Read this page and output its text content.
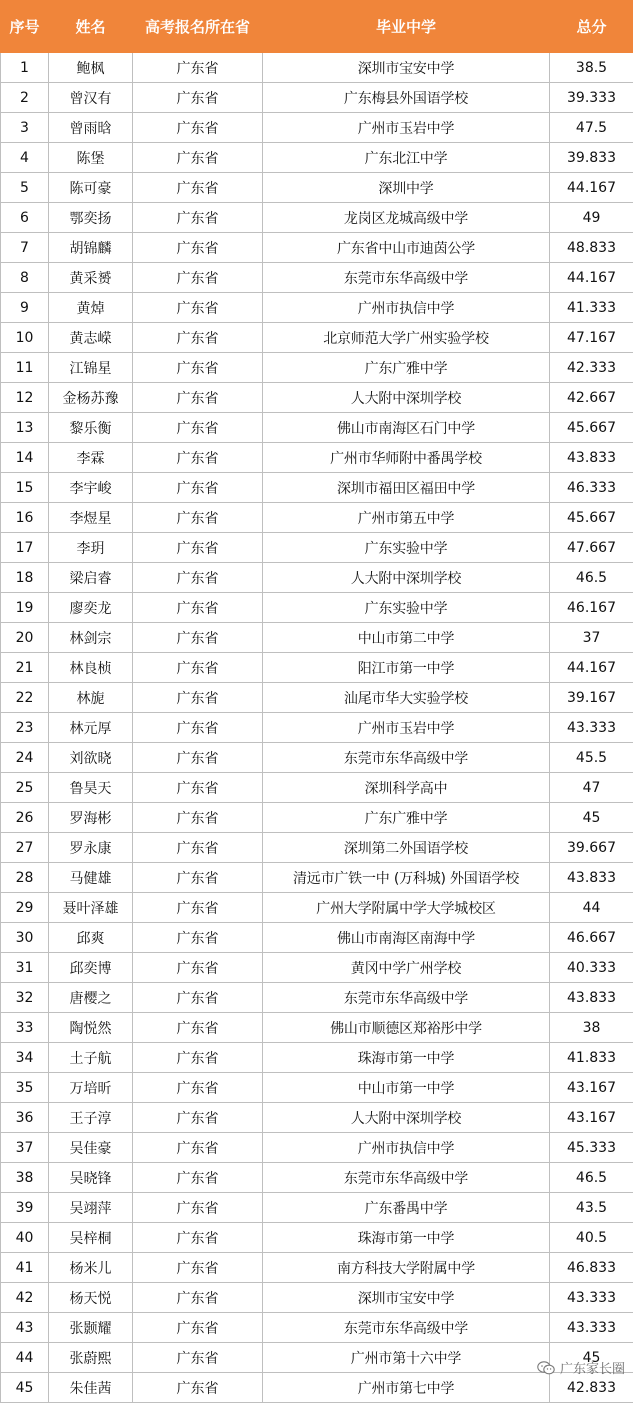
序号	姓名	高考报名所在省	毕业中学	总分
1	鲍枫	广东省	深圳市宝安中学	38.5
2	曾汉有	广东省	广东梅县外国语学校	39.333
3	曾雨晗	广东省	广州市玉岩中学	47.5
4	陈堡	广东省	广东北江中学	39.833
5	陈可豪	广东省	深圳中学	44.167
6	鄂奕扬	广东省	龙岗区龙城高级中学	49
7	胡锦麟	广东省	广东省中山市迪茵公学	48.833
8	黄采赟	广东省	东莞市东华高级中学	44.167
9	黄焯	广东省	广州市执信中学	41.333
10	黄志嵘	广东省	北京师范大学广州实验学校	47.167
11	江锦星	广东省	广东广雅中学	42.333
12	金杨苏豫	广东省	人大附中深圳学校	42.667
13	黎乐衡	广东省	佛山市南海区石门中学	45.667
14	李霖	广东省	广州市华师附中番禺学校	43.833
15	李宇峻	广东省	深圳市福田区福田中学	46.333
16	李煜星	广东省	广州市第五中学	45.667
17	李玥	广东省	广东实验中学	47.667
18	梁启睿	广东省	人大附中深圳学校	46.5
19	廖奕龙	广东省	广东实验中学	46.167
20	林剑宗	广东省	中山市第二中学	37
21	林良桢	广东省	阳江市第一中学	44.167
22	林旎	广东省	汕尾市华大实验学校	39.167
23	林元厚	广东省	广州市玉岩中学	43.333
24	刘欲晓	广东省	东莞市东华高级中学	45.5
25	鲁昊天	广东省	深圳科学高中	47
26	罗海彬	广东省	广东广雅中学	45
27	罗永康	广东省	深圳第二外国语学校	39.667
28	马健雄	广东省	清远市广铁一中 (万科城) 外国语学校	43.833
29	聂叶泽雄	广东省	广州大学附属中学大学城校区	44
30	邱爽	广东省	佛山市南海区南海中学	46.667
31	邱奕博	广东省	黄冈中学广州学校	40.333
32	唐樱之	广东省	东莞市东华高级中学	43.833
33	陶悦然	广东省	佛山市顺德区郑裕彤中学	38
34	土子航	广东省	珠海市第一中学	41.833
35	万培昕	广东省	中山市第一中学	43.167
36	王子淳	广东省	人大附中深圳学校	43.167
37	吴佳豪	广东省	广州市执信中学	45.333
38	吴晓锋	广东省	东莞市东华高级中学	46.5
39	吴翊萍	广东省	广东番禺中学	43.5
40	吴梓桐	广东省	珠海市第一中学	40.5
41	杨米儿	广东省	南方科技大学附属中学	46.833
42	杨天悦	广东省	深圳市宝安中学	43.333
43	张颢耀	广东省	东莞市东华高级中学	43.333
44	张蔚熙	广东省	广州市第十六中学	45
45	朱佳茜	广东省	广州市第七中学	42.833
广东家长圈
